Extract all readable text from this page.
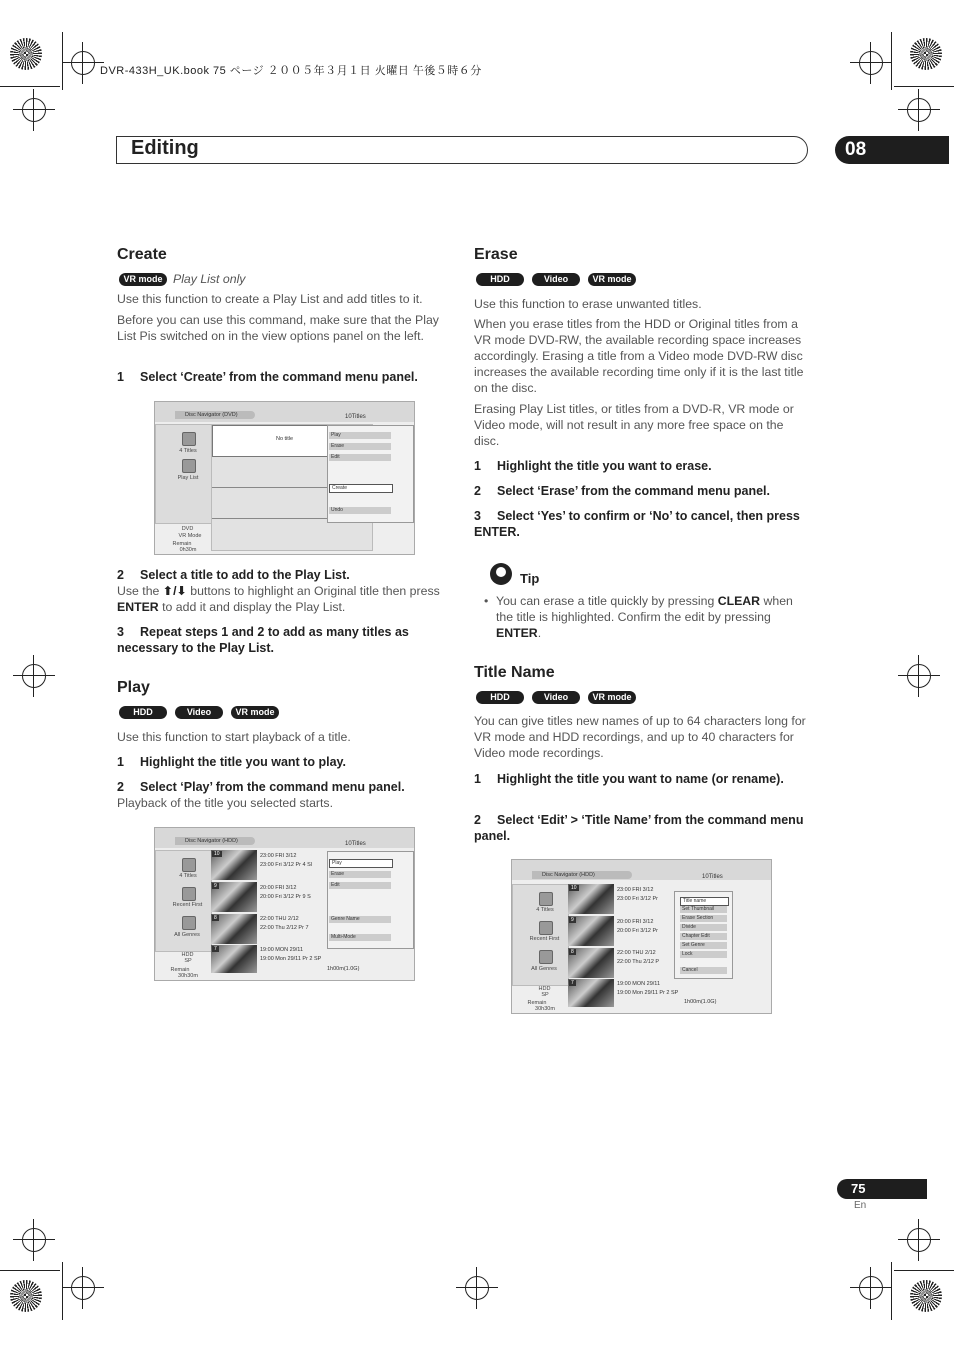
DVR-433H_UK.book 75 ページ ２００５年３月１日 火曜日 午後５時６分
Editing	08
Create
VR mode Play List only
Use this function to create a Play List and add titles to it.
Before you can use this command, make sure that the Play List Pis switched on in the view options panel on the left.
1 Select ‘Create’ from the command menu panel.
Disc Navigator (DVD)	10Titles
4 Titles
Play List
DVD
VR Mode
Remain
0h30m
No title
Play
Erase
Edit
Create
Undo
2 Select a title to add to the Play List.
Use the ⬆/⬇ buttons to highlight an Original title then press ENTER to add it and display the Play List.
3 Repeat steps 1 and 2 to add as many titles as necessary to the Play List.
Play
HDD	Video mode
VR mode
Use this function to start playback of a title.
1 Highlight the title you want to play.
2 Select ‘Play’ from the command menu panel.
Playback of the title you selected starts.
Disc Navigator (HDD)	10Titles
4 Titles
Recent First
All Genres
HDD
SP
Remain
30h30m
10	23:00 FRI 3/12
23:00 Fri 3/12 Pr 4 Sl
9	20:00 FRI 3/12
20:00 Fri 3/12 Pr 9 S
8	22:00 THU 2/12
22:00 Thu 2/12 Pr 7
7	19:00 MON 29/11
19:00 Mon 29/11 Pr 2 SP
1h00m(1.0G)
Play
Erase
Edit
Genre Name
Multi-Mode
Erase
HDD	Video mode
VR mode
Use this function to erase unwanted titles.
When you erase titles from the HDD or Original titles from a VR mode DVD-RW, the available recording space increases accordingly. Erasing a title from a Video mode DVD-RW disc increases the available recording time only if it is the last title on the disc.
Erasing Play List titles, or titles from a DVD-R, VR mode or Video mode, will not result in any more free space on the disc.
1 Highlight the title you want to erase.
2 Select ‘Erase’ from the command menu panel.
3 Select ‘Yes’ to confirm or ‘No’ to cancel, then press ENTER.
Tip
• You can erase a title quickly by pressing CLEAR when the title is highlighted. Confirm the edit by pressing ENTER.
Title Name
HDD	Video mode
VR mode
You can give titles new names of up to 64 characters long for VR mode and HDD recordings, and up to 40 characters for Video mode recordings.
1 Highlight the title you want to name (or rename).
2 Select ‘Edit’ > ‘Title Name’ from the command menu panel.
Disc Navigator (HDD)	10Titles
4 Titles
Recent First
All Genres
HDD
SP
Remain
30h30m
10	23:00 FRI 3/12
23:00 Fri 3/12 Pr
9	20:00 FRI 3/12
20:00 Fri 3/12 Pr
8	22:00 THU 2/12
22:00 Thu 2/12 P
7	19:00 MON 29/11
19:00 Mon 29/11 Pr 2 SP
1h00m(1.0G)
Title name
Set Thumbnail
Erase Section
Divide
Chapter Edit
Set Genre
Lock
Cancel
75
En
